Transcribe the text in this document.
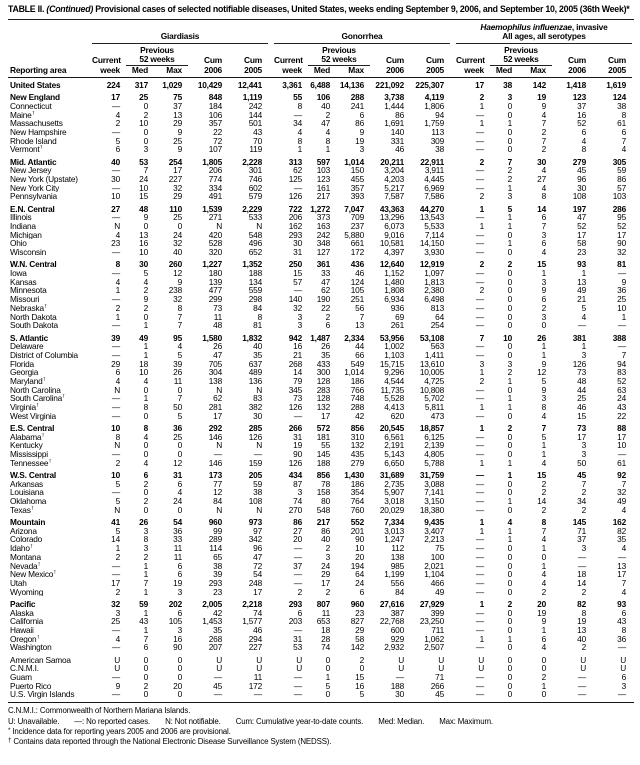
TABLE II. (Continued) Provisional cases of selected notifiable diseases, United States, weeks ending September 9, 2006, and September 10, 2005 (36th Week)*
Reporting area	Giardiasis						Gonorrhea						Haemophilus influenzae, invasive
All ages, all serotypes				
		Previous						Previous						Previous			
	Current	52 weeks		Cum	Cum		Current	52 weeks		Cum	Cum		Current	52 weeks		Cum	Cum
	week	Med	Max	2006	2005		week	Med	Max	2006	2005		week	Med	Max	2006	2005
United States	224	317	1,029	10,429	12,441		3,361	6,488	14,136	221,092	225,307		17	38	142	1,418	1,619
New England	17	25	75	848	1,119		55	106	288	3,738	4,119		2	3	19	123	124
Connecticut	—	0	37	184	242		8	40	241	1,444	1,806		1	0	9	37	38
Maine†	4	2	13	106	144		—	2	6	86	94		—	0	4	16	8
Massachusetts	2	10	29	357	501		34	47	86	1,691	1,759		1	1	7	52	61
New Hampshire	—	0	9	22	43		4	4	9	140	113		—	0	2	6	6
Rhode Island	5	0	25	72	70		8	8	19	331	309		—	0	7	4	7
Vermont†	6	3	9	107	119		1	1	3	46	38		—	0	2	8	4
Mid. Atlantic	40	53	254	1,805	2,228		313	597	1,014	20,211	22,911		2	7	30	279	305
New Jersey	—	7	17	206	301		62	103	150	3,204	3,911		—	2	4	45	59
New York (Upstate)	30	24	227	774	746		125	123	455	4,203	4,445		—	2	27	96	86
New York City	—	10	32	334	602		—	161	357	5,217	6,969		—	1	4	30	57
Pennsylvania	10	15	29	491	579		126	217	393	7,587	7,586		2	3	8	108	103
E.N. Central	27	48	110	1,539	2,229		722	1,272	7,047	43,363	44,270		1	5	14	197	286
Illinois	—	9	25	271	533		206	373	709	13,296	13,543		—	1	6	47	95
Indiana	N	0	0	N	N		162	163	237	6,073	5,533		1	1	7	52	52
Michigan	4	13	24	420	548		293	242	5,880	9,016	7,114		—	0	3	17	17
Ohio	23	16	32	528	496		30	348	661	10,581	14,150		—	1	6	58	90
Wisconsin	—	10	40	320	652		31	127	172	4,397	3,930		—	0	4	23	32
W.N. Central	8	30	260	1,227	1,352		250	361	436	12,640	12,919		2	2	15	93	81
Iowa	—	5	12	180	188		15	33	46	1,152	1,097		—	0	1	1	—
Kansas	4	4	9	139	134		57	47	124	1,480	1,813		—	0	3	13	9
Minnesota	1	2	238	477	559		—	62	105	1,808	2,380		2	0	9	49	36
Missouri	—	9	32	299	298		140	190	251	6,934	6,498		—	0	6	21	25
Nebraska†	2	2	8	73	84		32	22	56	936	813		—	0	2	5	10
North Dakota	1	0	7	11	8		3	2	7	69	64		—	0	3	4	1
South Dakota	—	1	7	48	81		3	6	13	261	254		—	0	0	—	—
S. Atlantic	39	49	95	1,580	1,832		942	1,487	2,334	53,956	53,108		7	10	26	381	388
Delaware	—	1	4	26	40		16	26	44	1,002	563		—	0	1	1	—
District of Columbia	—	1	5	47	35		21	35	66	1,103	1,411		—	0	1	3	7
Florida	29	18	39	705	637		268	433	549	15,715	13,610		3	3	9	126	94
Georgia	6	10	26	304	489		14	300	1,014	9,296	10,005		1	2	12	73	83
Maryland†	4	4	11	138	136		79	128	186	4,544	4,725		2	1	5	48	52
North Carolina	N	0	0	N	N		345	283	766	11,735	10,808		—	0	9	44	63
South Carolina†	—	1	7	62	83		73	128	748	5,528	5,702		—	1	3	25	24
Virginia†	—	8	50	281	382		126	132	288	4,413	5,811		1	1	8	46	43
West Virginia	—	0	5	17	30		—	17	42	620	473		—	0	4	15	22
E.S. Central	10	8	36	292	285		266	572	856	20,545	18,857		1	2	7	73	88
Alabama†	8	4	25	146	126		31	181	310	6,561	6,125		—	0	5	17	17
Kentucky	N	0	0	N	N		19	55	132	2,191	2,139		—	0	1	3	10
Mississippi	—	0	0	—	—		90	145	435	5,143	4,805		—	0	1	3	—
Tennessee†	2	4	12	146	159		126	188	279	6,650	5,788		1	1	4	50	61
W.S. Central	10	6	31	173	205		434	856	1,430	31,689	31,759		—	1	15	45	92
Arkansas	5	2	6	77	59		87	78	186	2,735	3,088		—	0	2	7	7
Louisiana	—	0	4	12	38		3	158	354	5,907	7,141		—	0	2	2	32
Oklahoma	5	2	24	84	108		74	80	764	3,018	3,150		—	1	14	34	49
Texas†	N	0	0	N	N		270	548	760	20,029	18,380		—	0	2	2	4
Mountain	41	26	54	960	973		86	217	552	7,334	9,435		1	4	8	145	162
Arizona	5	3	36	99	97		27	86	201	3,013	3,407		1	1	7	71	82
Colorado	14	8	33	289	342		20	40	90	1,247	2,213		—	1	4	37	35
Idaho†	1	3	11	114	96		—	2	10	112	75		—	0	1	3	4
Montana	2	2	11	65	47		—	3	20	138	100		—	0	0	—	—
Nevada†	—	1	6	38	72		37	24	194	985	2,021		—	0	1	—	13
New Mexico†	—	1	6	39	54		—	29	64	1,199	1,104		—	0	4	18	17
Utah	17	7	19	293	248		—	17	24	556	466		—	0	4	14	7
Wyoming	2	1	3	23	17		2	2	6	84	49		—	0	2	2	4
Pacific	32	59	202	2,005	2,218		293	807	960	27,616	27,929		1	2	20	82	93
Alaska	3	1	6	42	74		6	11	23	387	399		—	0	19	8	6
California	25	43	105	1,453	1,577		203	653	827	22,768	23,250		—	0	9	19	43
Hawaii	—	1	3	35	46		—	18	29	600	711		—	0	1	13	8
Oregon†	4	7	16	268	294		31	28	58	929	1,062		1	1	6	40	36
Washington	—	6	90	207	227		53	74	142	2,932	2,507		—	0	4	2	—
American Samoa	U	0	0	U	U		U	0	2	U	U		U	0	0	U	U
C.N.M.I.	U	0	0	U	U		U	0	0	U	U		U	0	0	U	U
Guam	—	0	0	—	11		—	1	15	—	71		—	0	2	—	6
Puerto Rico	9	2	20	45	172		—	5	16	188	266		—	0	1	—	3
U.S. Virgin Islands	—	0	0	—	—		—	0	5	30	45		—	0	0	—	—
C.N.M.I.: Commonwealth of Northern Mariana Islands.
U: Unavailable. —: No reported cases. N: Not notifiable. Cum: Cumulative year-to-date counts. Med: Median. Max: Maximum.
* Incidence data for reporting years 2005 and 2006 are provisional.
† Contains data reported through the National Electronic Disease Surveillance System (NEDSS).
